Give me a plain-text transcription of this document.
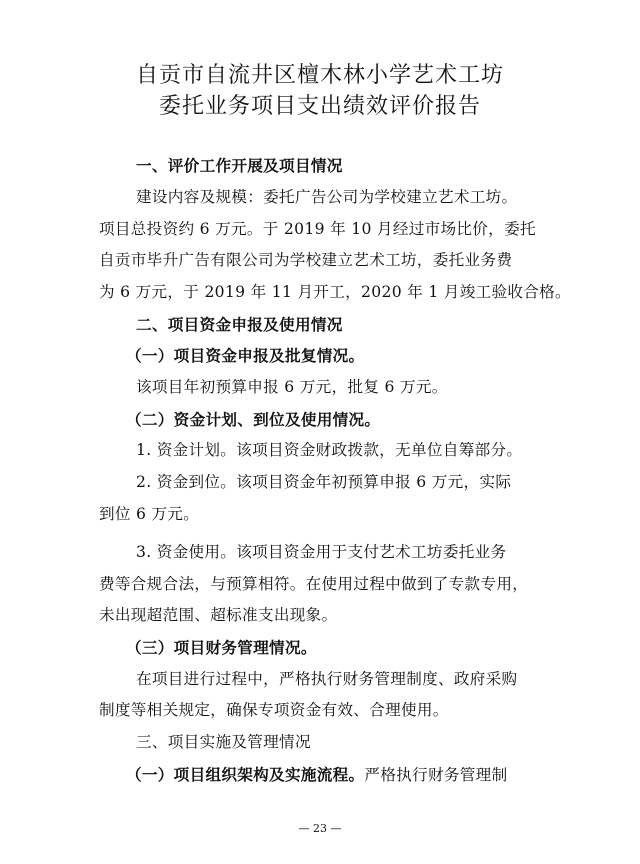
自贡市自流井区檀木林小学艺术工坊
委托业务项目支出绩效评价报告
一、评价工作开展及项目情况
建设内容及规模：委托广告公司为学校建立艺术工坊。
项目总投资约 6 万元。于 2019 年 10 月经过市场比价，委托
自贡市毕升广告有限公司为学校建立艺术工坊，委托业务费
为 6 万元，于 2019 年 11 月开工，2020 年 1 月竣工验收合格。
二、项目资金申报及使用情况
（一）项目资金申报及批复情况。
该项目年初预算申报 6 万元，批复 6 万元。
（二）资金计划、到位及使用情况。
1. 资金计划。该项目资金财政拨款，无单位自筹部分。
2. 资金到位。该项目资金年初预算申报 6 万元，实际
到位 6 万元。
3. 资金使用。该项目资金用于支付艺术工坊委托业务
费等合规合法，与预算相符。在使用过程中做到了专款专用，
未出现超范围、超标准支出现象。
（三）项目财务管理情况。
在项目进行过程中，严格执行财务管理制度、政府采购
制度等相关规定，确保专项资金有效、合理使用。
三、项目实施及管理情况
（一）项目组织架构及实施流程。严格执行财务管理制
— 23 —
